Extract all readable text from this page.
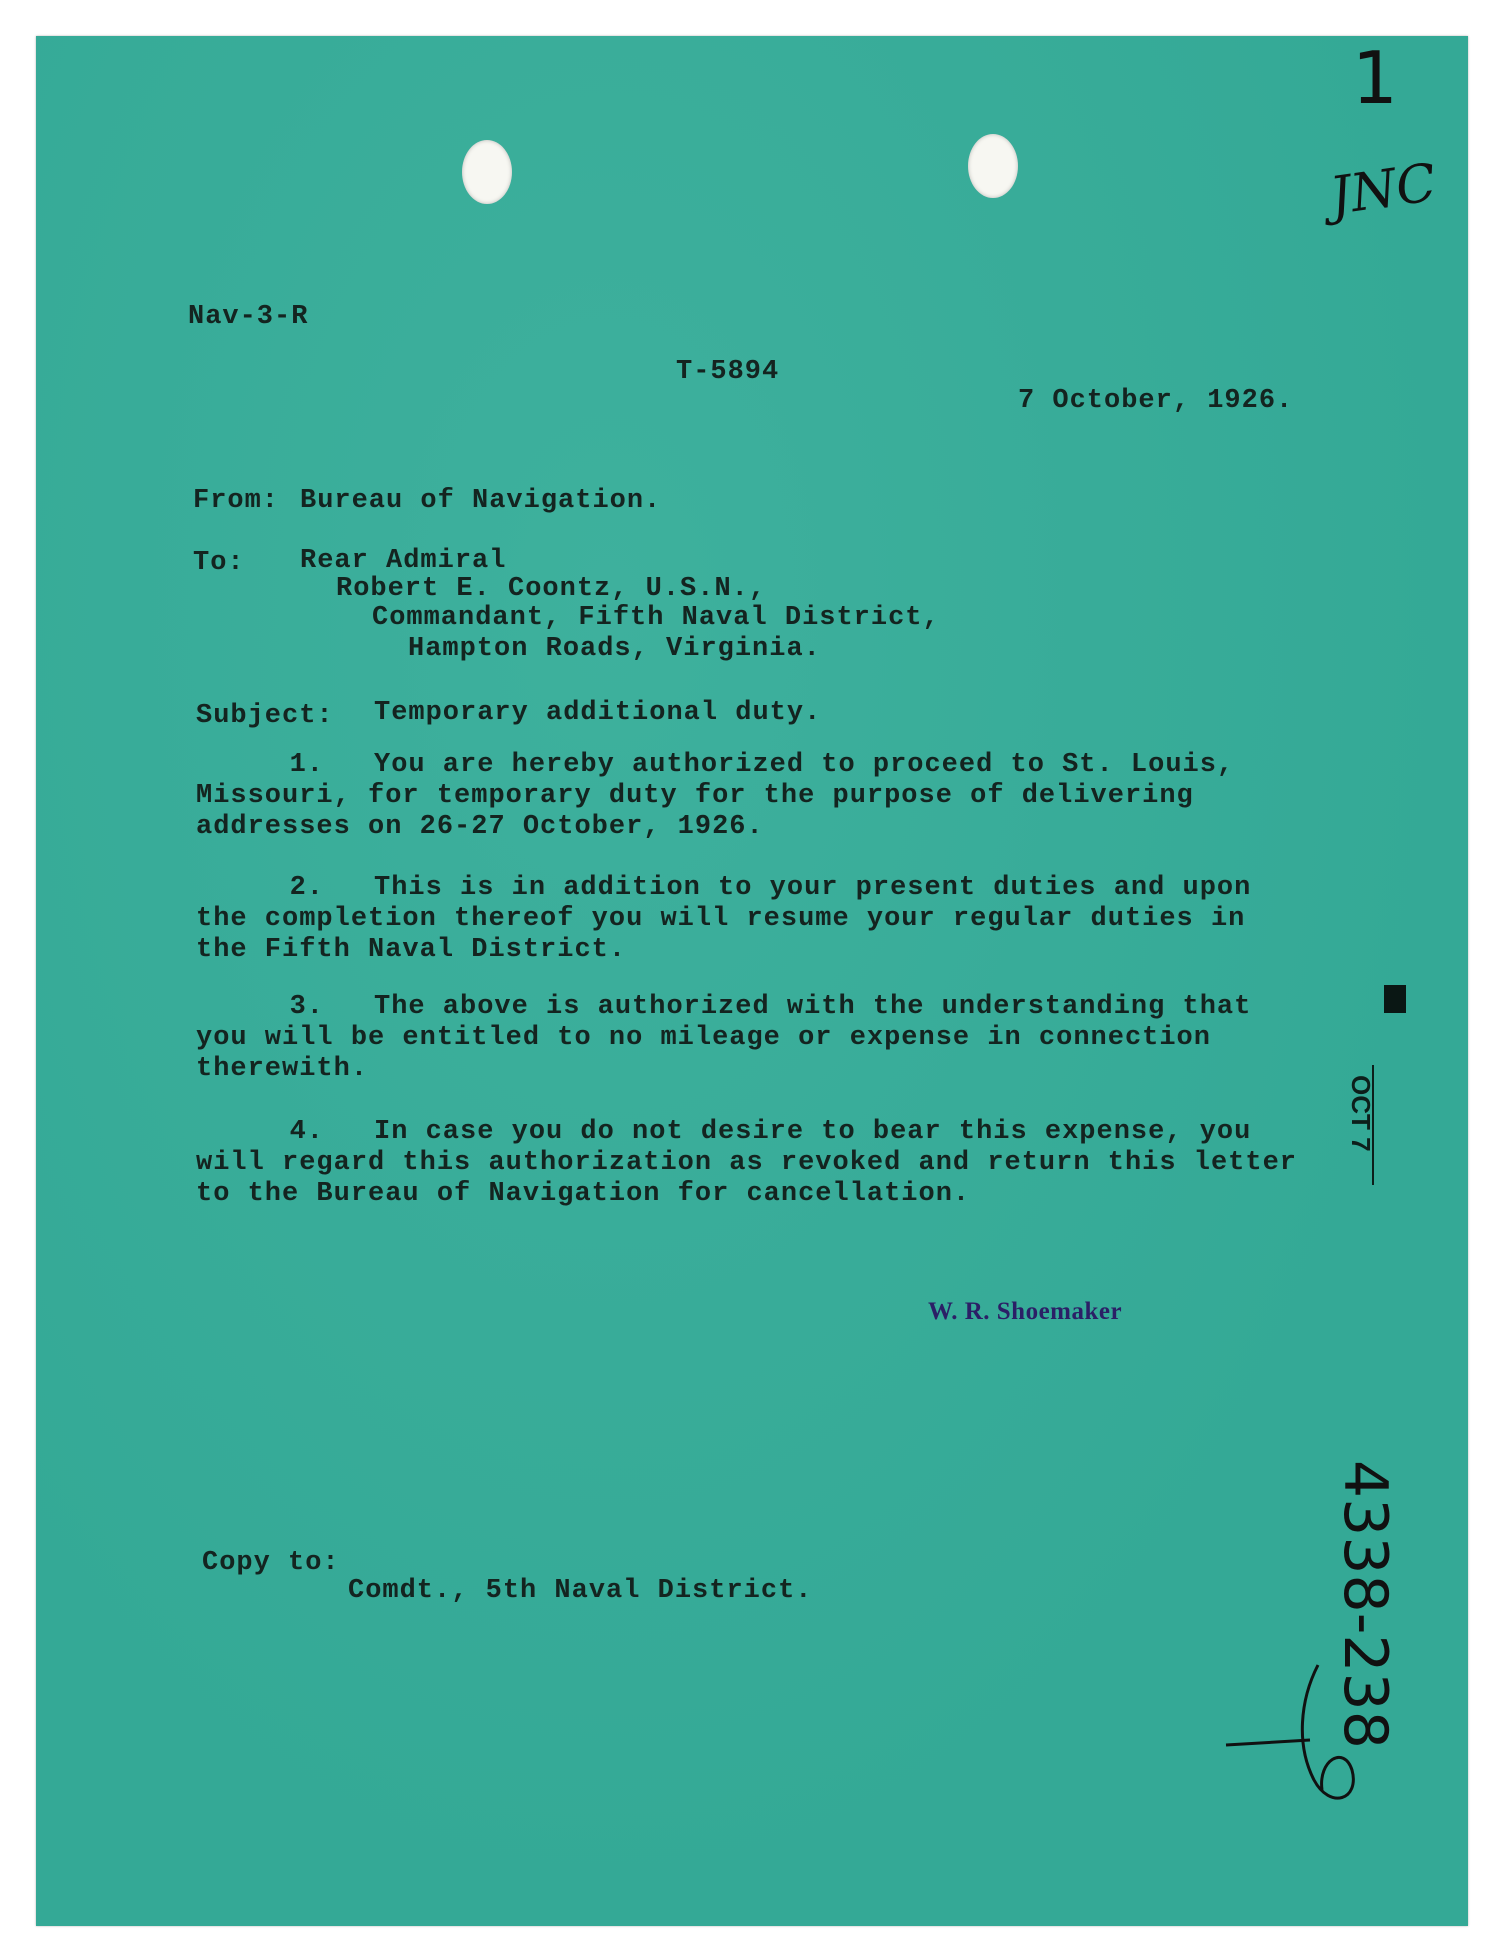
Nav-3-R

T-5894

7 October, 1926.

From: Bureau of Navigation.

To: Rear Admiral

Robert E. Coontz, U.S.N.,

Commandant, Fifth Naval District,

Hampton Roads, Virginia.

Subject: Temporary additional duty.

1. You are hereby authorized to proceed to St. Louis,
Missouri, for temporary duty for the purpose of delivering
addresses on 26-27 October, 1926.
2. This is in addition to your present duties and upon
the completion thereof you will resume your regular duties in
the Fifth Naval District.
3. The above is authorized with the understanding that
you will be entitled to no mileage or expense in connection
therewith.
4. In case you do not desire to bear this expense, you
will regard this authorization as revoked and return this letter
to the Bureau of Navigation for cancellation.
W. R. Shoemaker

Copy to:

Comdt., 5th Naval District.

OCT 7
1
JNC
4338-238
